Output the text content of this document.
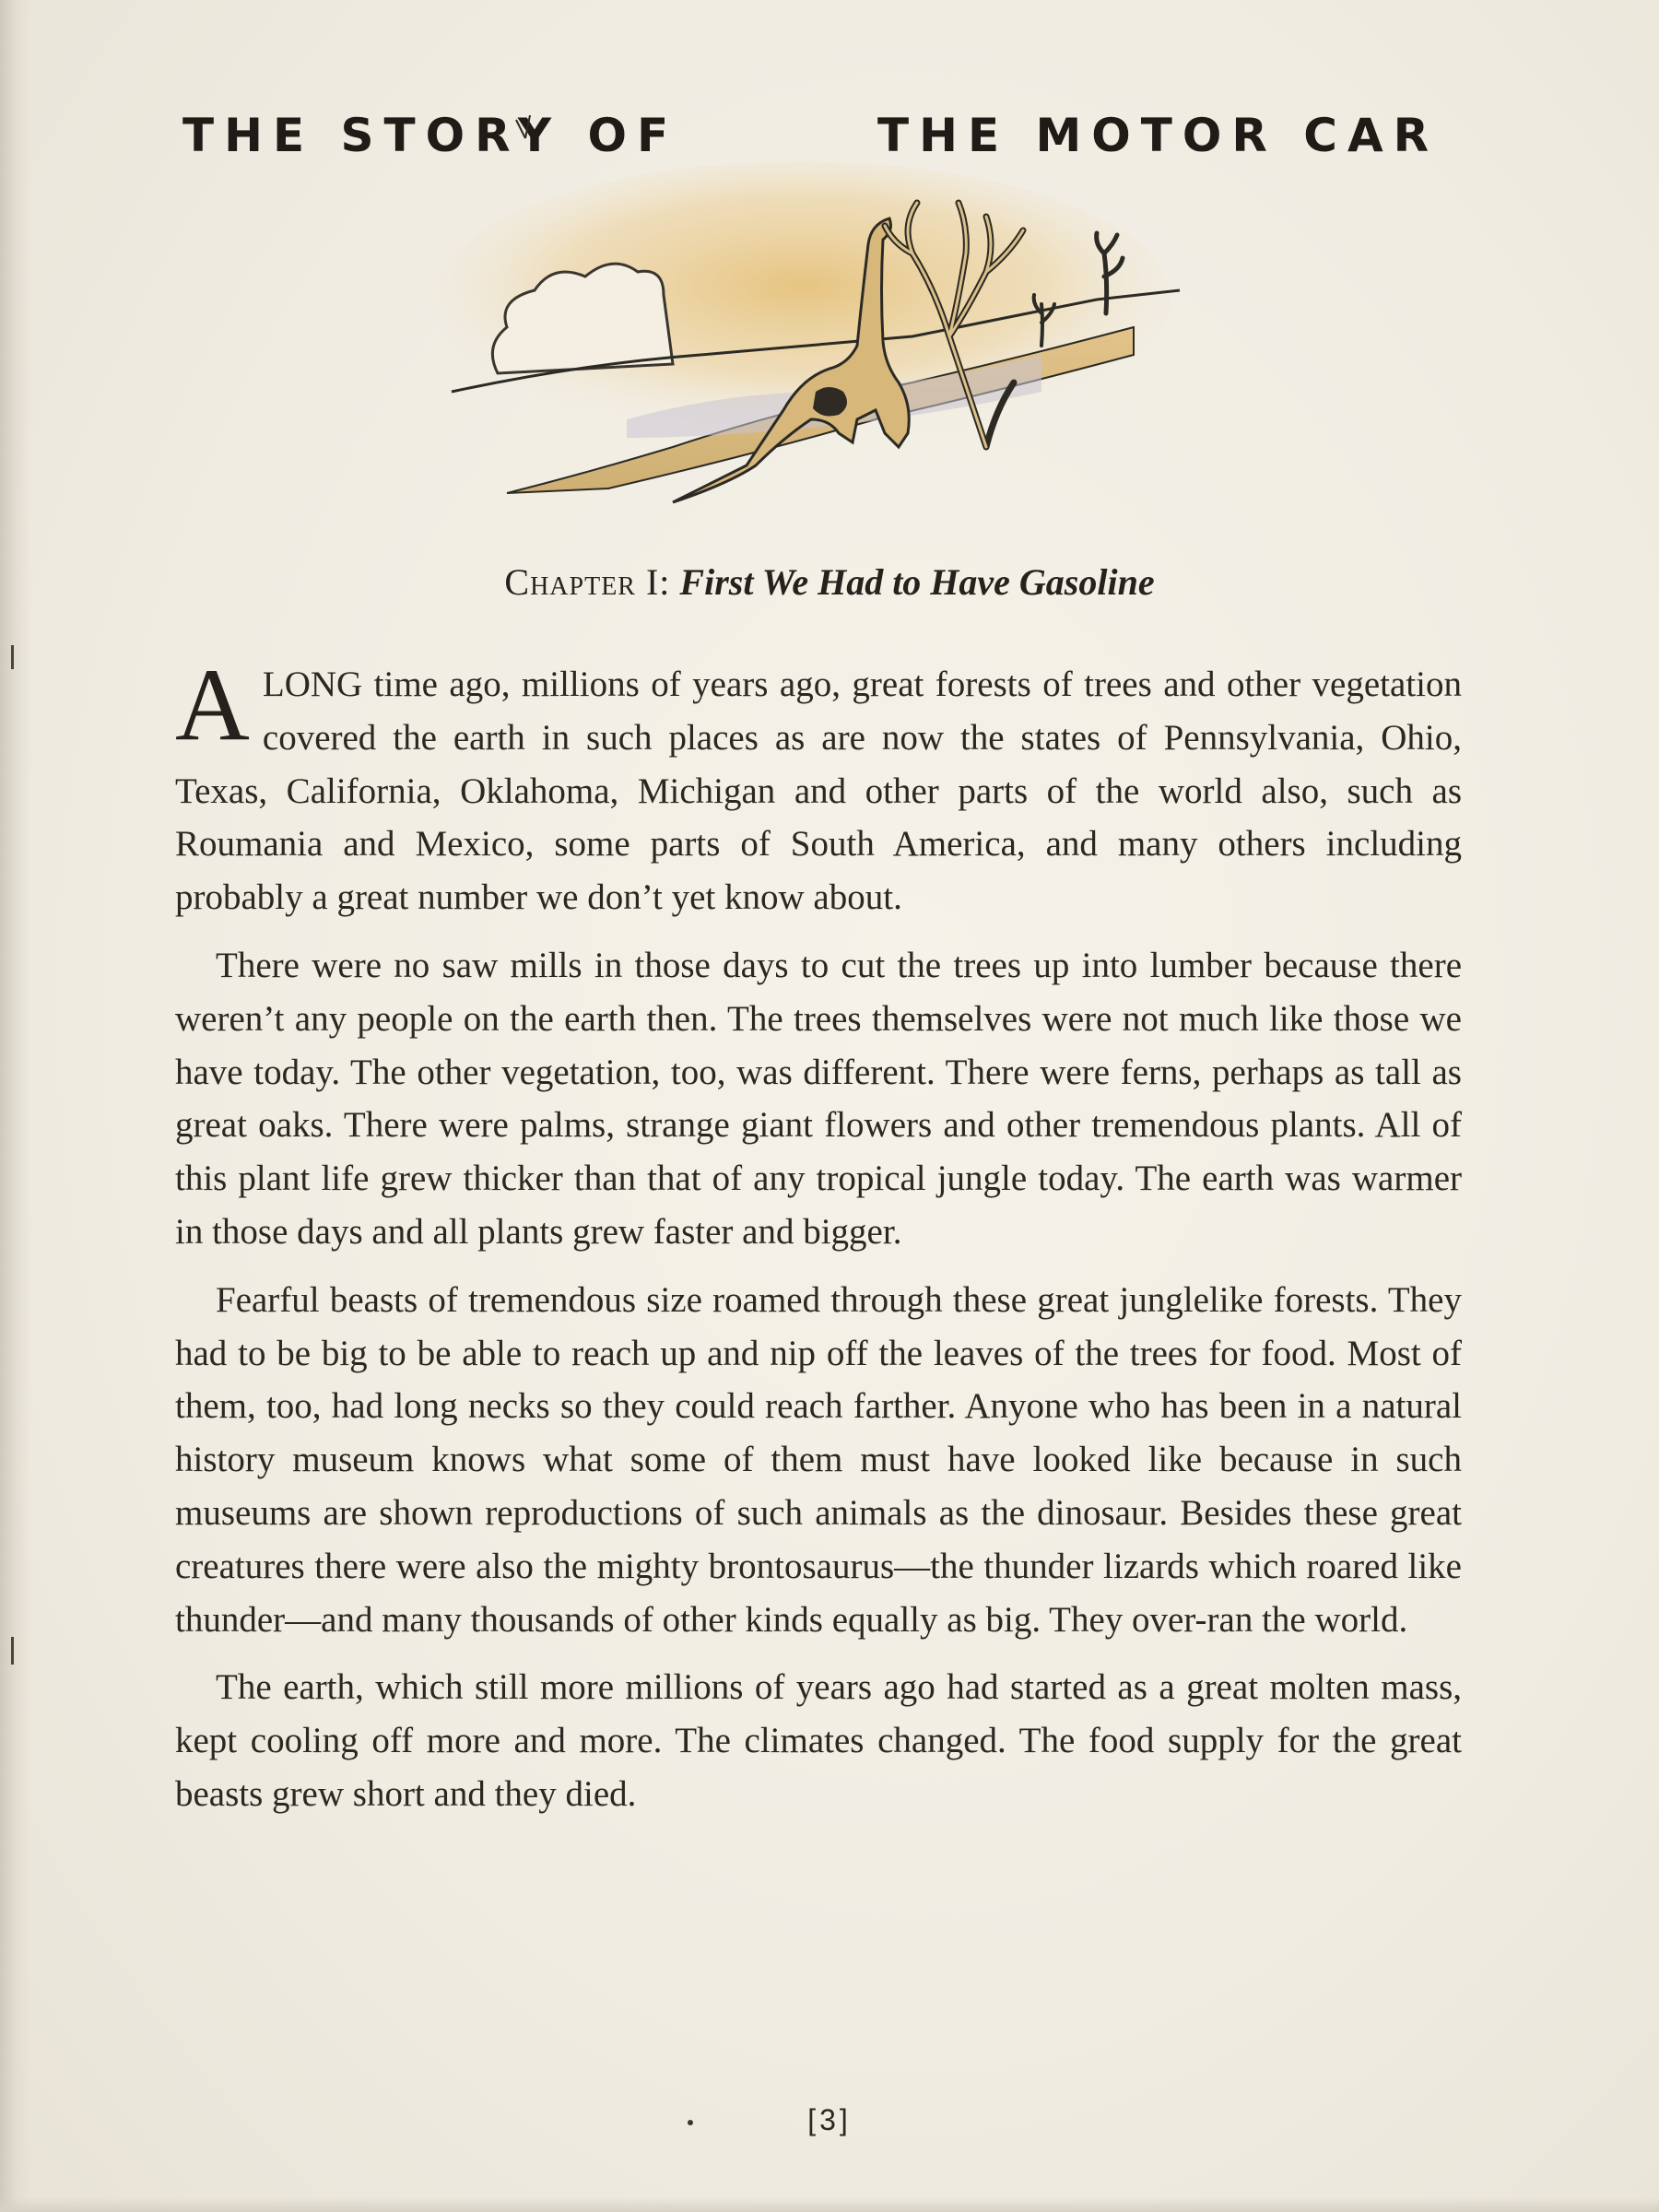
THE STORY OF	THE MOTOR CAR
Chapter I: First We Had to Have Gasoline

A LONG time ago, millions of years ago, great forests of trees and other vegetation covered the earth in such places as are now the states of Pennsylvania, Ohio, Texas, California, Oklahoma, Michigan and other parts of the world also, such as Roumania and Mexico, some parts of South America, and many others including probably a great number we don’t yet know about.

There were no saw mills in those days to cut the trees up into lumber because there weren’t any people on the earth then. The trees themselves were not much like those we have today. The other vegetation, too, was different. There were ferns, perhaps as tall as great oaks. There were palms, strange giant flowers and other tremendous plants. All of this plant life grew thicker than that of any tropical jungle today. The earth was warmer in those days and all plants grew faster and bigger.

Fearful beasts of tremendous size roamed through these great junglelike forests. They had to be big to be able to reach up and nip off the leaves of the trees for food. Most of them, too, had long necks so they could reach farther. Anyone who has been in a natural history museum knows what some of them must have looked like because in such museums are shown reproductions of such animals as the dinosaur. Besides these great creatures there were also the mighty brontosaurus—the thunder lizards which roared like thunder—and many thousands of other kinds equally as big. They over-ran the world.

The earth, which still more millions of years ago had started as a great molten mass, kept cooling off more and more. The climates changed. The food supply for the great beasts grew short and they died.

[3]
